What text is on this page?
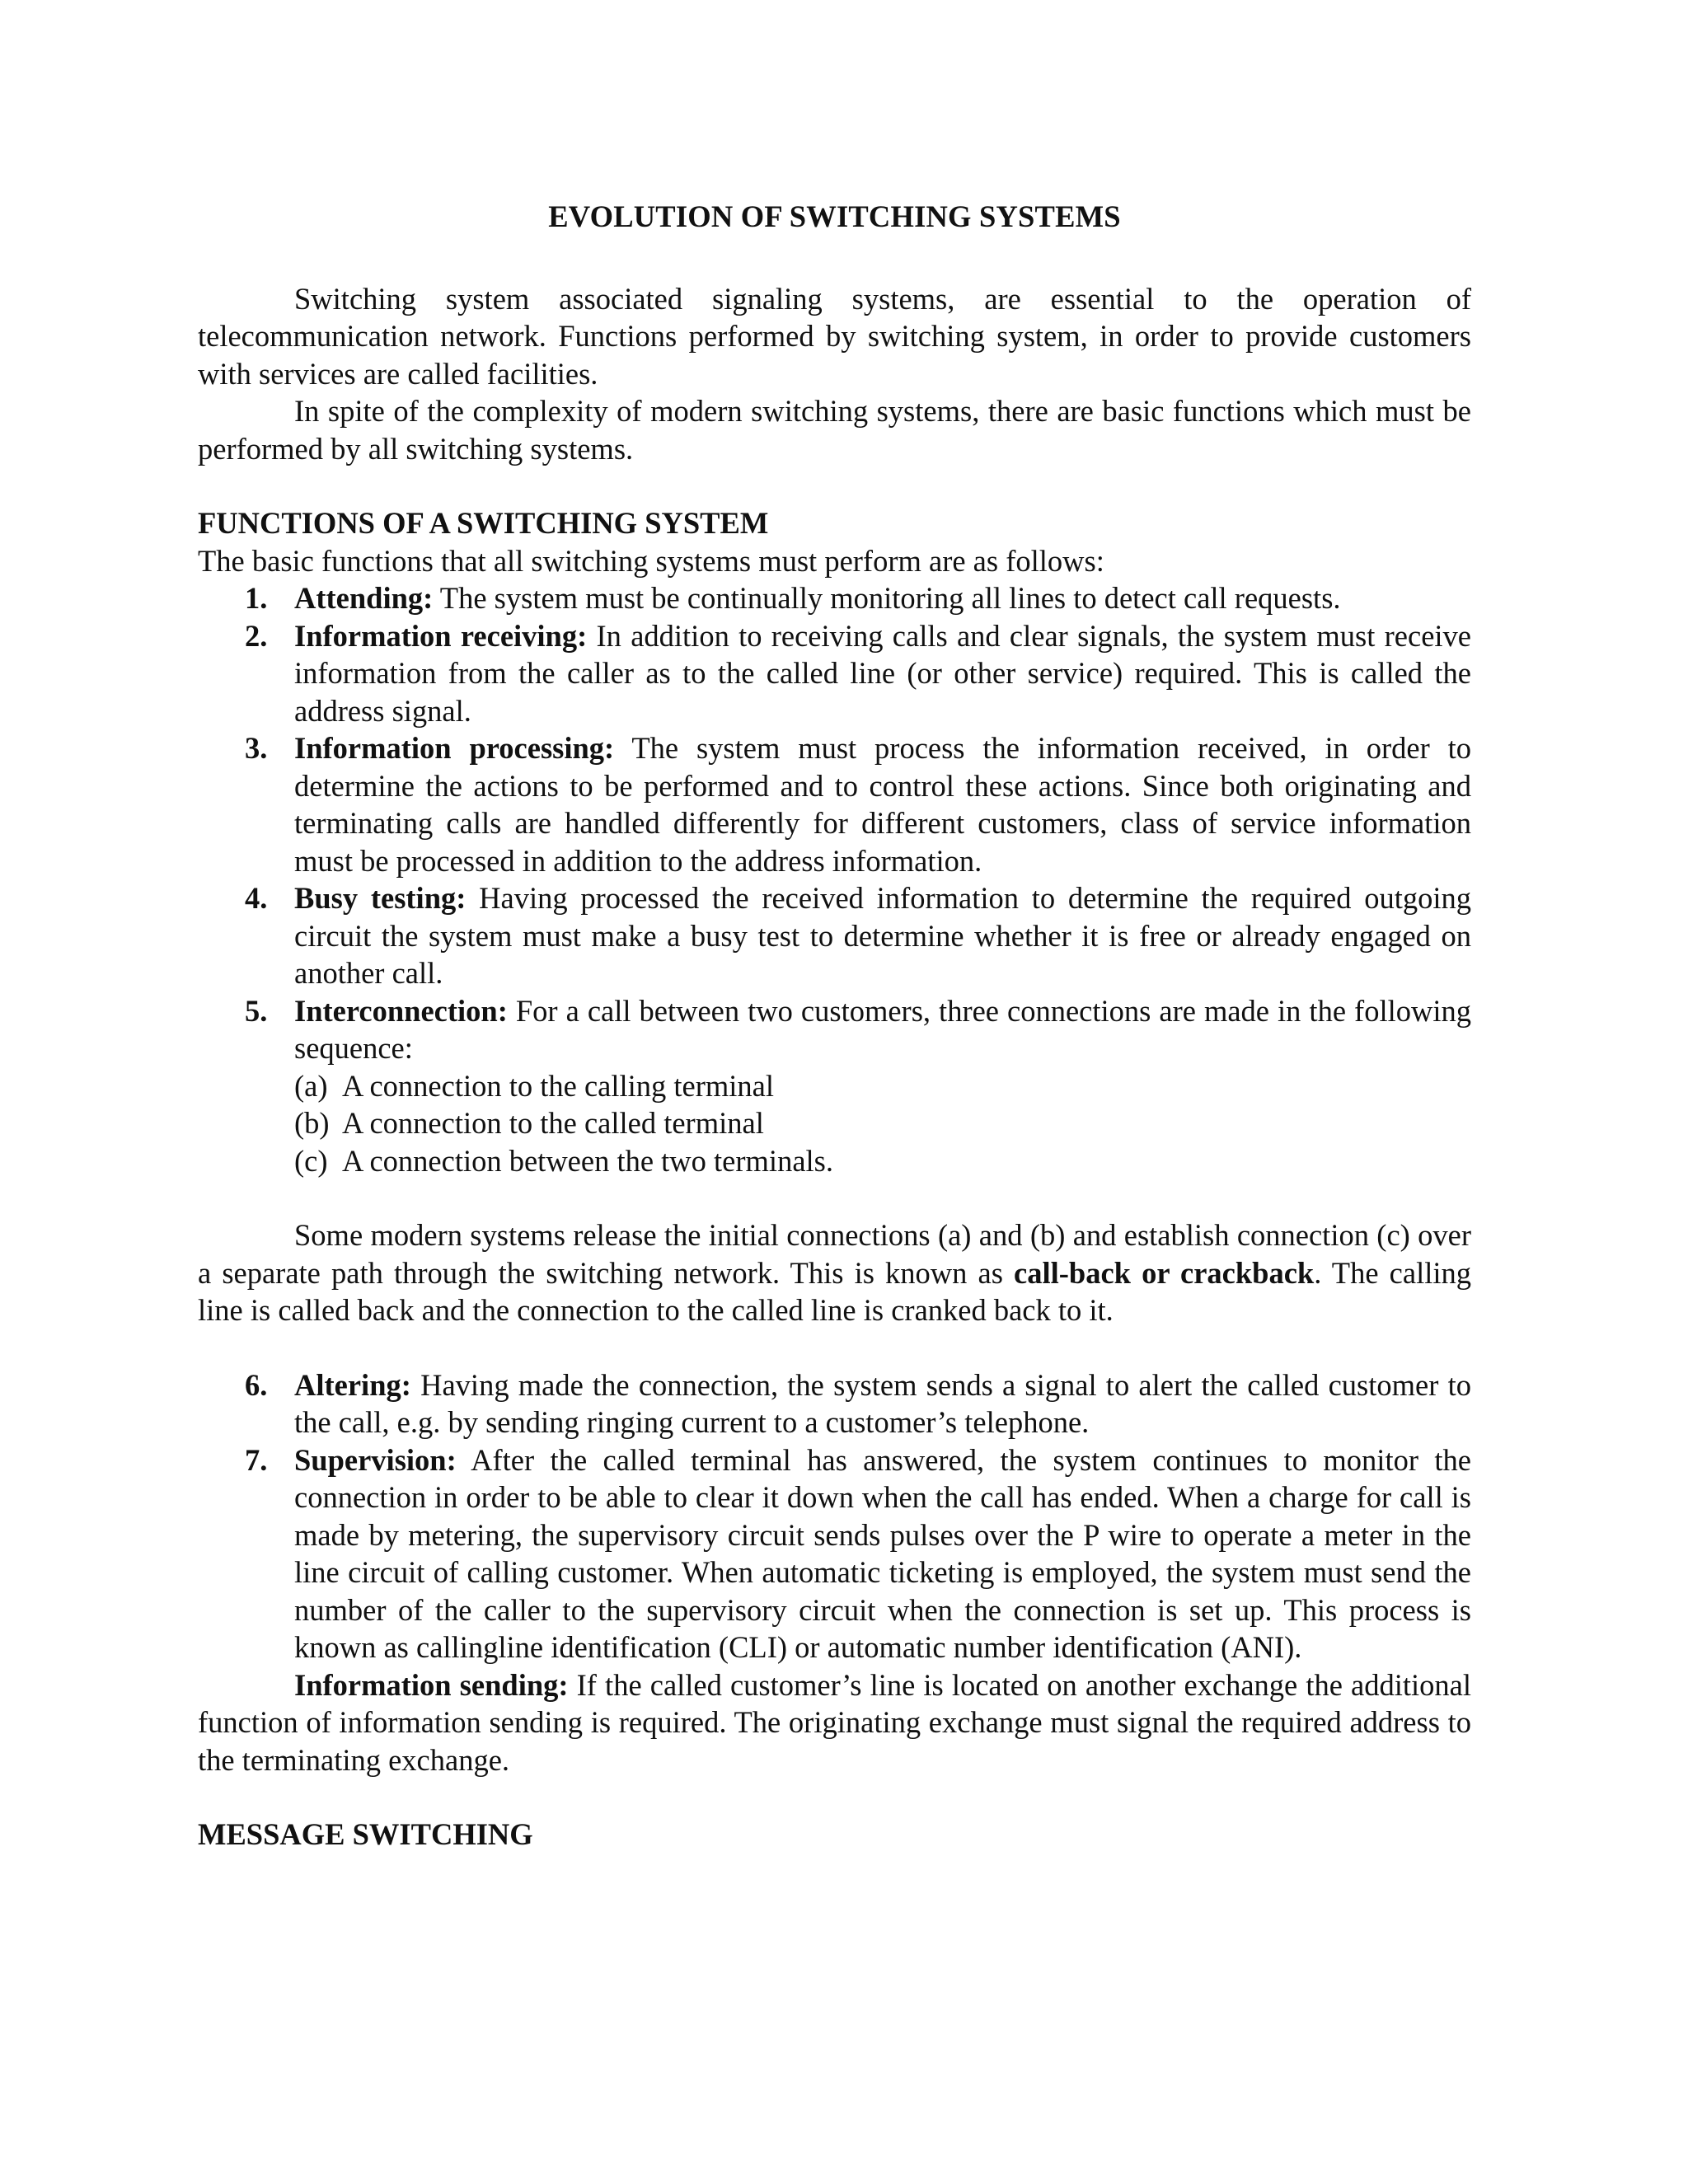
EVOLUTION OF SWITCHING SYSTEMS

Switching system associated signaling systems, are essential to the operation of telecommunication network. Functions performed by switching system, in order to provide customers with services are called facilities.

In spite of the complexity of modern switching systems, there are basic functions which must be performed by all switching systems.

FUNCTIONS OF A SWITCHING SYSTEM

The basic functions that all switching systems must perform are as follows:

1. Attending: The system must be continually monitoring all lines to detect call requests.
2. Information receiving: In addition to receiving calls and clear signals, the system must receive information from the caller as to the called line (or other service) required. This is called the address signal.
3. Information processing: The system must process the information received, in order to determine the actions to be performed and to control these actions. Since both originating and terminating calls are handled differently for different customers, class of service information must be processed in addition to the address information.
4. Busy testing: Having processed the received information to determine the required outgoing circuit the system must make a busy test to determine whether it is free or already engaged on another call.
5. Interconnection: For a call between two customers, three connections are made in the following sequence:
(a) A connection to the calling terminal
(b) A connection to the called terminal
(c) A connection between the two terminals.

Some modern systems release the initial connections (a) and (b) and establish connection (c) over a separate path through the switching network. This is known as call-back or crackback. The calling line is called back and the connection to the called line is cranked back to it.

6. Altering: Having made the connection, the system sends a signal to alert the called customer to the call, e.g. by sending ringing current to a customer’s telephone.
7. Supervision: After the called terminal has answered, the system continues to monitor the connection in order to be able to clear it down when the call has ended. When a charge for call is made by metering, the supervisory circuit sends pulses over the P wire to operate a meter in the line circuit of calling customer. When automatic ticketing is employed, the system must send the number of the caller to the supervisory circuit when the connection is set up. This process is known as callingline identification (CLI) or automatic number identification (ANI).

Information sending: If the called customer’s line is located on another exchange the additional function of information sending is required. The originating exchange must signal the required address to the terminating exchange.

MESSAGE SWITCHING
